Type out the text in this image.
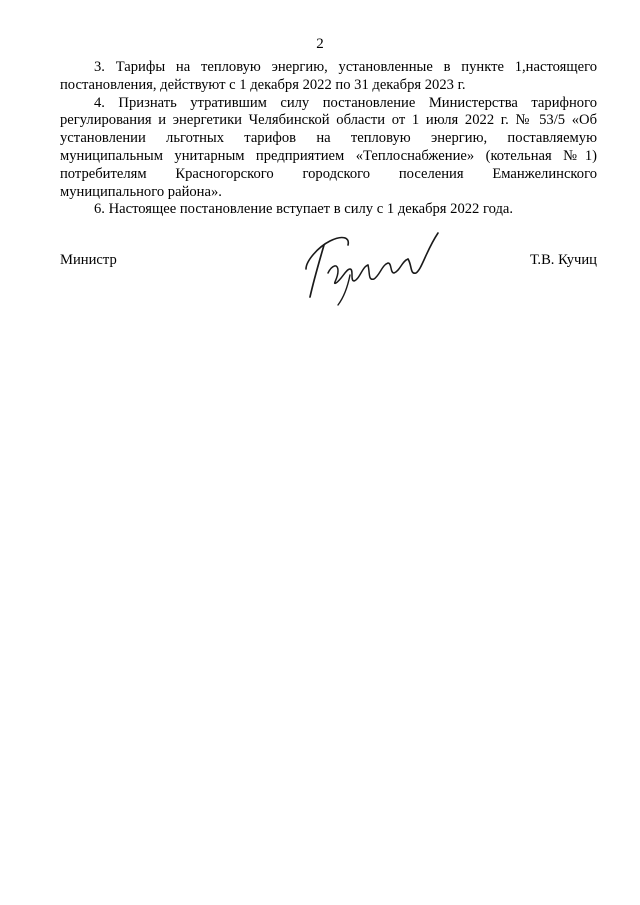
2

3. Тарифы на тепловую энергию, установленные в пункте 1,настоящего постановления, действуют с 1 декабря 2022 по 31 декабря 2023 г.

4. Признать утратившим силу постановление Министерства тарифного регулирования и энергетики Челябинской области от 1 июля 2022 г. № 53/5 «Об установлении льготных тарифов на тепловую энергию, поставляемую муниципальным унитарным предприятием «Теплоснабжение» (котельная №1) потребителям Красногорского городского поселения Еманжелинского муниципального района».

6. Настоящее постановление вступает в силу с 1 декабря 2022 года.

Министр	Т.В. Кучиц
